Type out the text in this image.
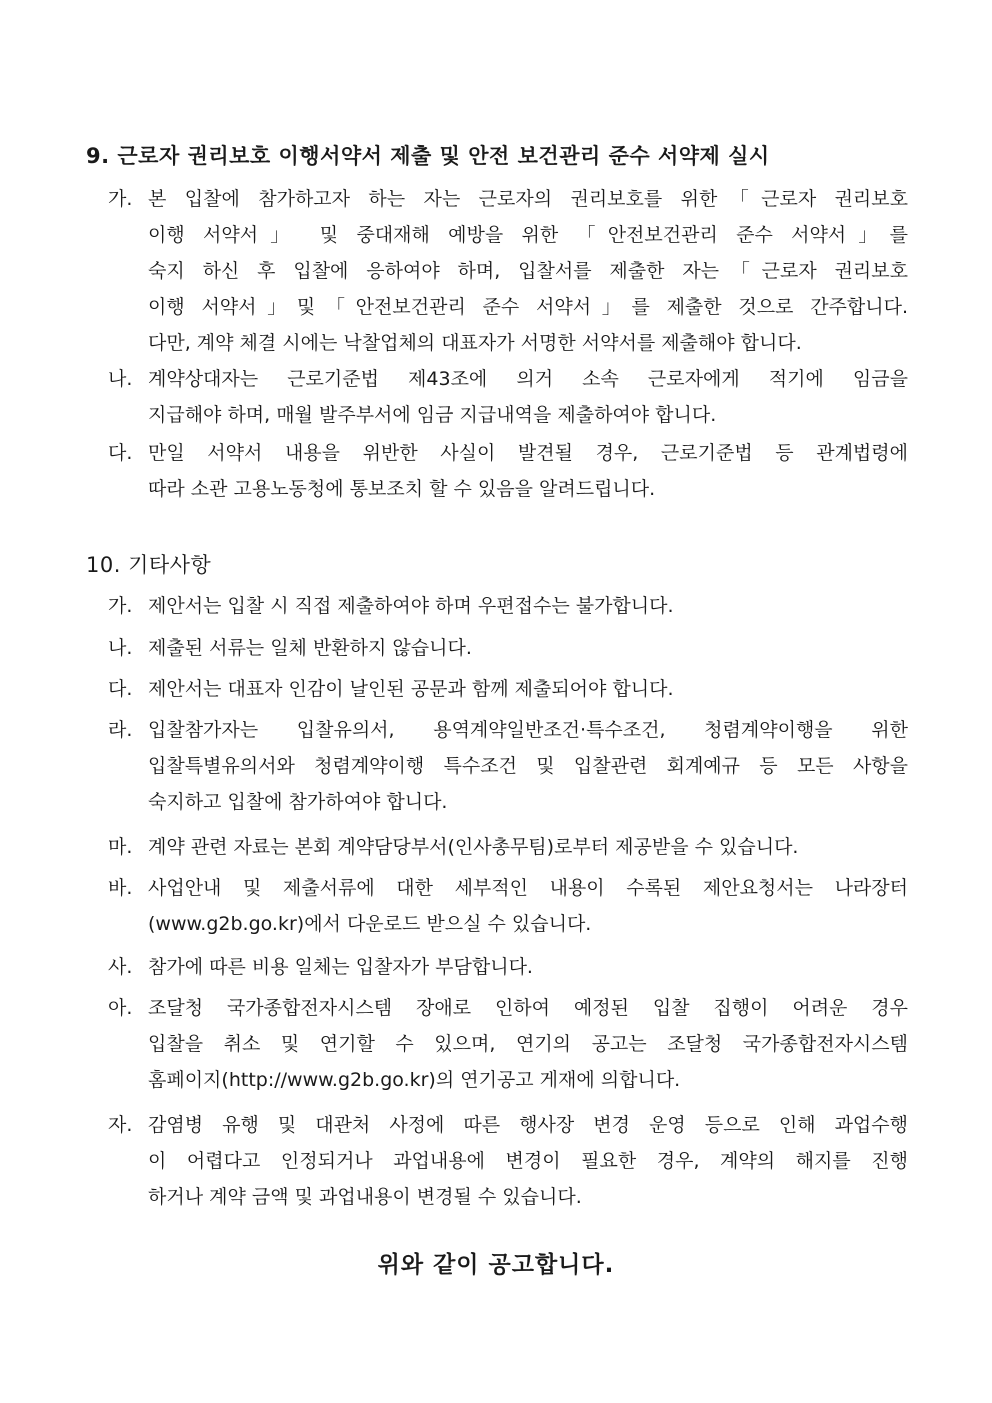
9. 근로자 권리보호 이행서약서 제출 및 안전 보건관리 준수 서약제 실시
가. 본 입찰에 참가하고자 하는 자는 근로자의 권리보호를 위한「근로자 권리보호
이행 서약서」 및 중대재해 예방을 위한 「안전보건관리 준수 서약서」를
숙지 하신 후 입찰에 응하여야 하며, 입찰서를 제출한 자는「근로자 권리보호
이행 서약서」및「안전보건관리 준수 서약서」를 제출한 것으로 간주합니다.
다만, 계약 체결 시에는 낙찰업체의 대표자가 서명한 서약서를 제출해야 합니다.
나. 계약상대자는 근로기준법 제43조에 의거 소속 근로자에게 적기에 임금을
지급해야 하며, 매월 발주부서에 임금 지급내역을 제출하여야 합니다.
다. 만일 서약서 내용을 위반한 사실이 발견될 경우, 근로기준법 등 관계법령에
따라 소관 고용노동청에 통보조치 할 수 있음을 알려드립니다.
10. 기타사항
가. 제안서는 입찰 시 직접 제출하여야 하며 우편접수는 불가합니다.
나. 제출된 서류는 일체 반환하지 않습니다.
다. 제안서는 대표자 인감이 날인된 공문과 함께 제출되어야 합니다.
라. 입찰참가자는 입찰유의서, 용역계약일반조건·특수조건, 청렴계약이행을 위한
입찰특별유의서와 청렴계약이행 특수조건 및 입찰관련 회계예규 등 모든 사항을
숙지하고 입찰에 참가하여야 합니다.
마. 계약 관련 자료는 본회 계약담당부서(인사총무팀)로부터 제공받을 수 있습니다.
바. 사업안내 및 제출서류에 대한 세부적인 내용이 수록된 제안요청서는 나라장터
(www.g2b.go.kr)에서 다운로드 받으실 수 있습니다.
사. 참가에 따른 비용 일체는 입찰자가 부담합니다.
아. 조달청 국가종합전자시스템 장애로 인하여 예정된 입찰 집행이 어려운 경우
입찰을 취소 및 연기할 수 있으며, 연기의 공고는 조달청 국가종합전자시스템
홈페이지(http://www.g2b.go.kr)의 연기공고 게재에 의합니다.
자. 감염병 유행 및 대관처 사정에 따른 행사장 변경 운영 등으로 인해 과업수행
이 어렵다고 인정되거나 과업내용에 변경이 필요한 경우, 계약의 해지를 진행
하거나 계약 금액 및 과업내용이 변경될 수 있습니다.
위와 같이 공고합니다.
